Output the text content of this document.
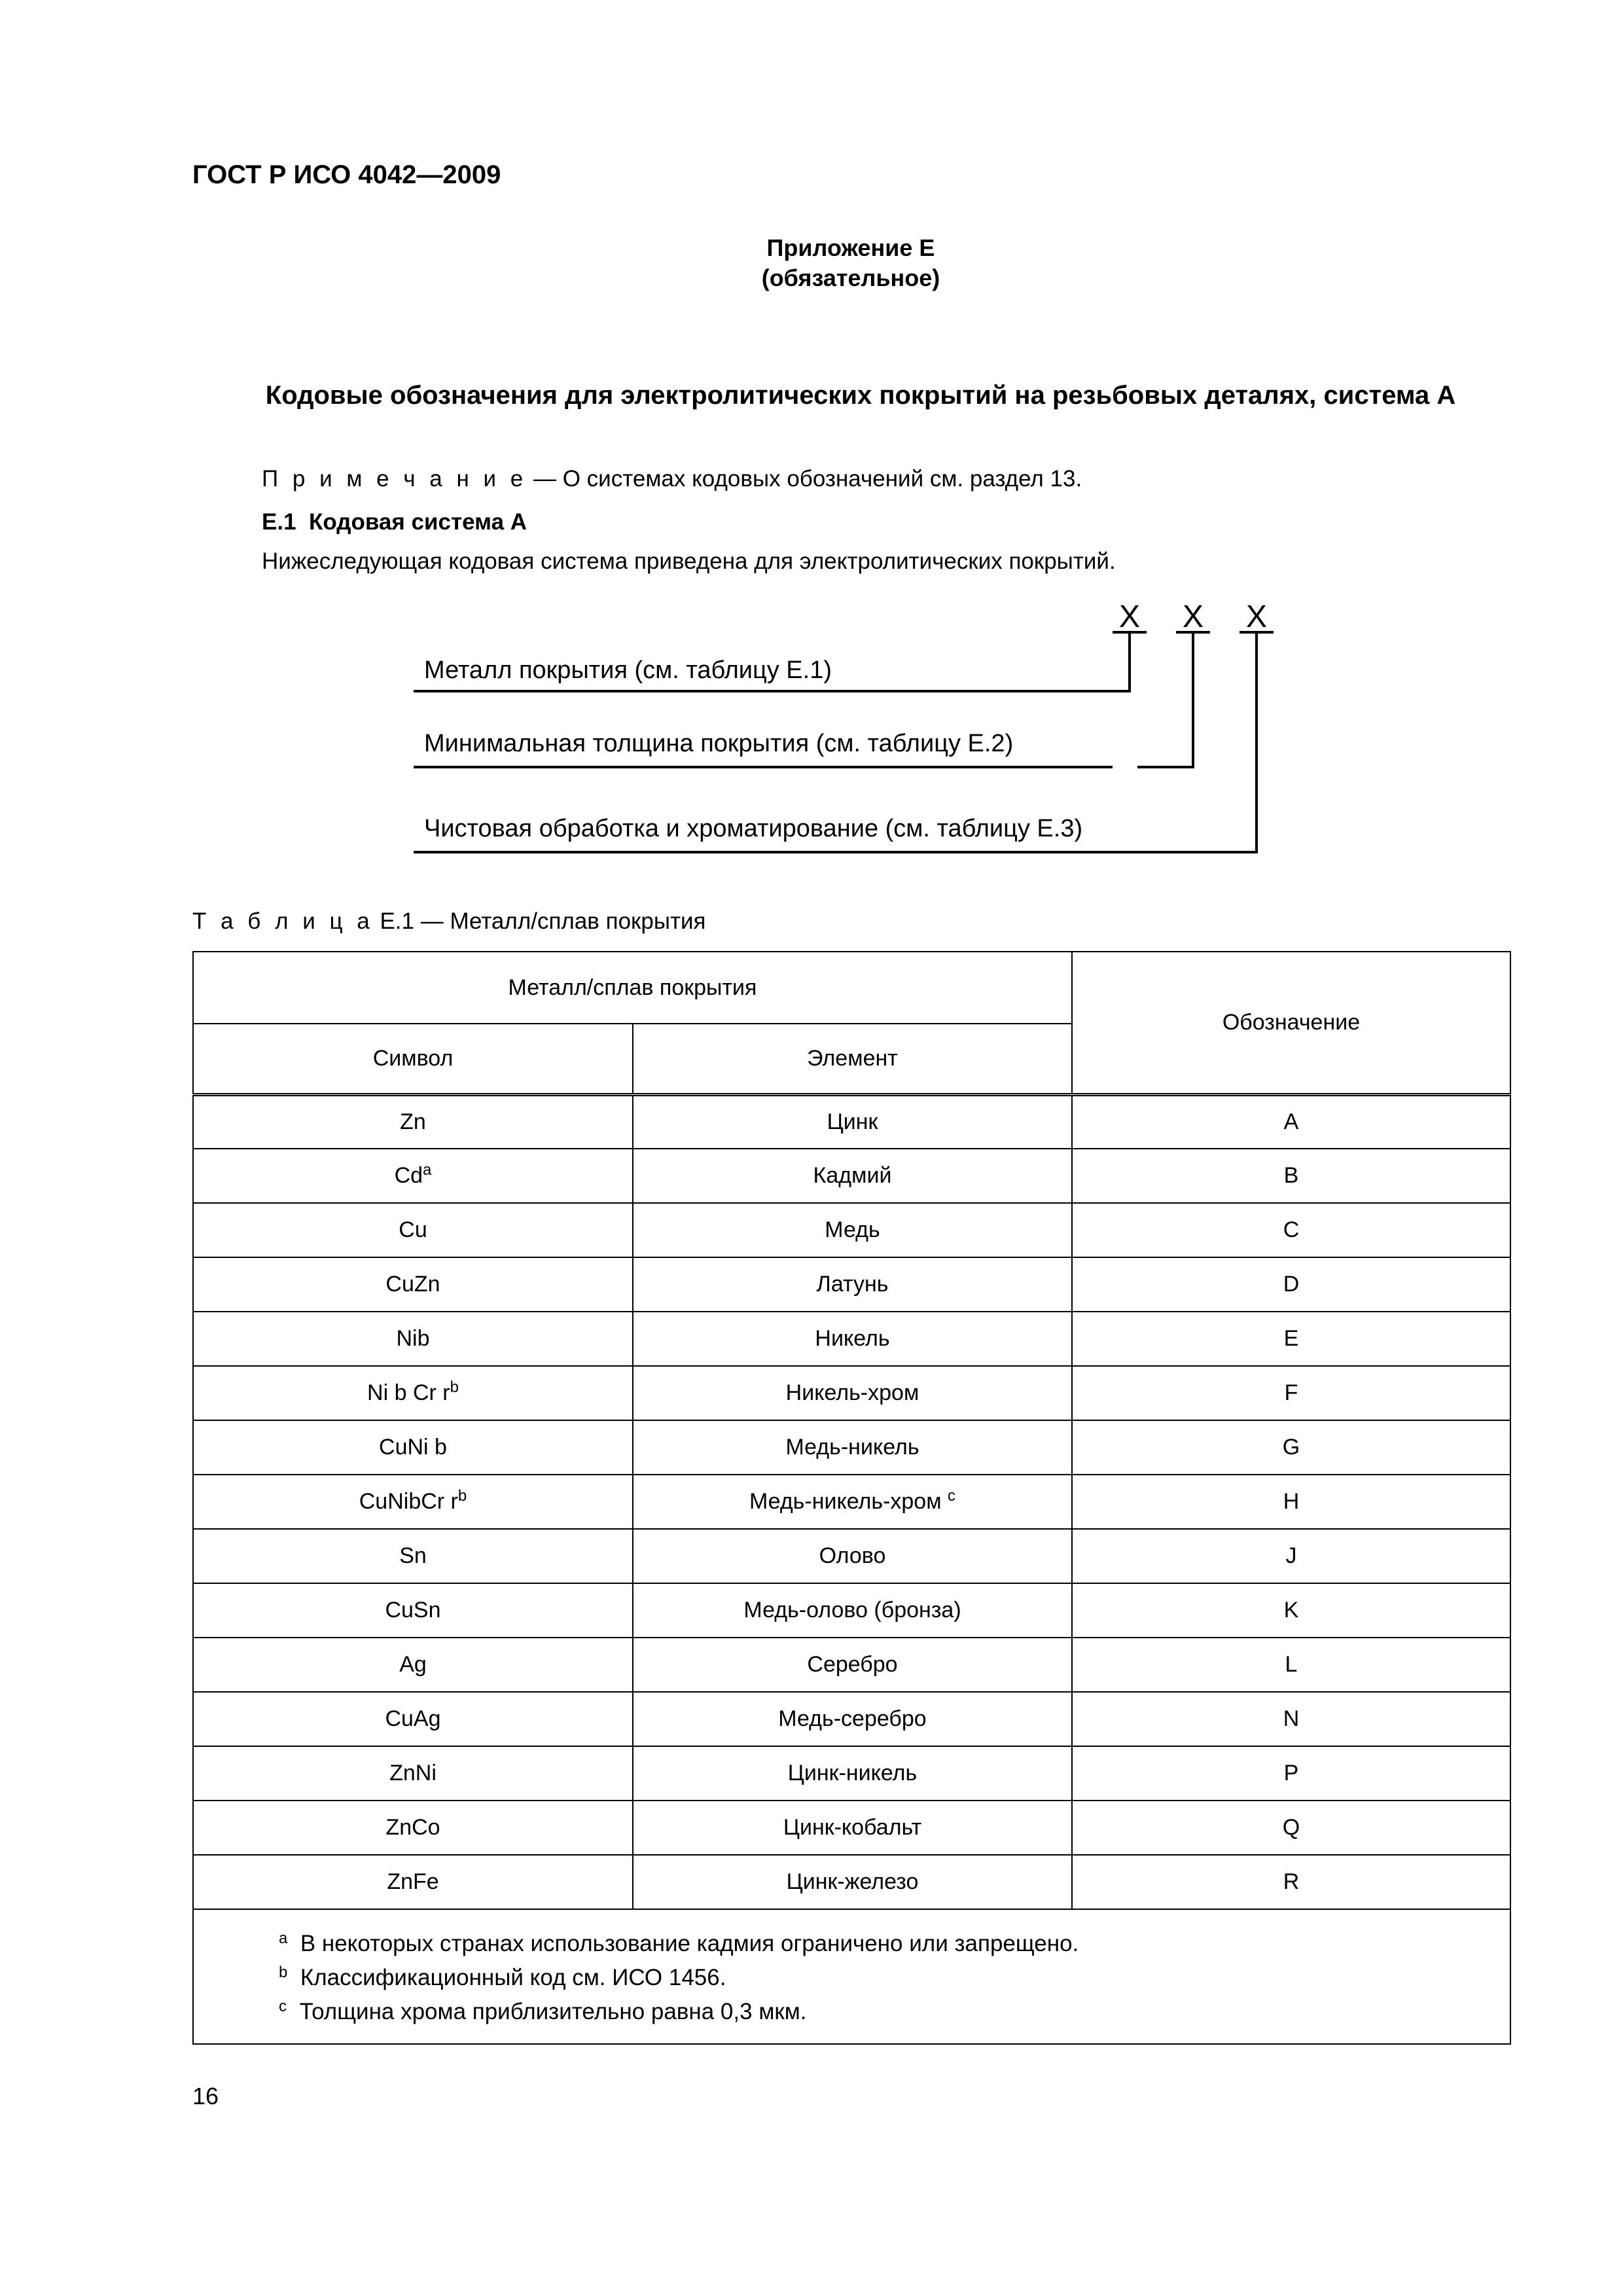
ГОСТ Р ИСО 4042—2009
Приложение E
(обязательное)
Кодовые обозначения для электролитических покрытий на резьбовых деталях, система А
П р и м е ч а н и е — О системах кодовых обозначений см. раздел 13.
E.1 Кодовая система А
Нижеследующая кодовая система приведена для электролитических покрытий.
X X X
Металл покрытия (см. таблицу E.1)
Минимальная толщина покрытия (см. таблицу E.2)
Чистовая обработка и хроматирование (см. таблицу E.3)
Т а б л и ц а E.1 — Металл/сплав покрытия
Металл/сплав покрытия		Обозначение
Символ	Элемент	
Zn	Цинк	A
Cd$^a$	Кадмий	B
Cu	Медь	C
CuZn	Латунь	D
Nib	Никель	E
Ni b Cr $r^b$	Никель-хром	F
CuNi b	Медь-никель	G
CuNibCr $r^b$	Медь-никель-хром $^c$	H
Sn	Олово	J
CuSn	Медь-олово (бронза)	K
Ag	Серебро	L
CuAg	Медь-серебро	N
ZnNi	Цинк-никель	P
ZnCo	Цинк-кобальт	Q
ZnFe	Цинк-железо	R

$^a$ В некоторых странах использование кадмия ограничено или запрещено.
$^b$ Классификационный код см. ИСО 1456.
$^c$ Толщина хрома приблизительно равна 0,3 мкм.		
16
